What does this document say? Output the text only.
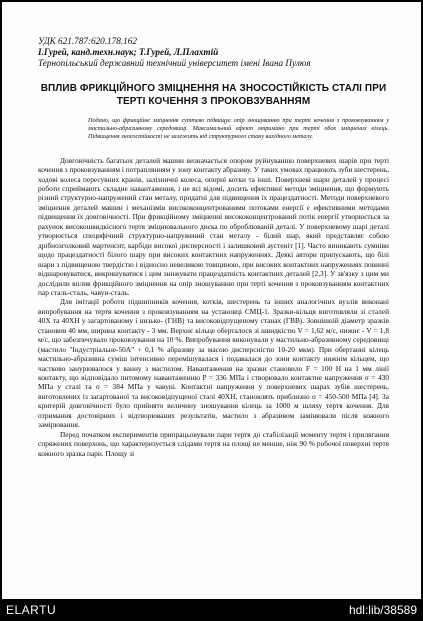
УДК 621.787:620.178.162
І.Гурей, канд.техн.наук; Т.Гурей, Л.Плахтій
Тернопільський державний технічний університет імені Івана Пулюя
ВПЛИВ ФРИКЦІЙНОГО ЗМІЦНЕННЯ НА ЗНОСОСТІЙКІСТЬ СТАЛІ ПРИ ТЕРТІ КОЧЕННЯ З ПРОКОВЗУВАННЯМ
Подано, що фрикційне зміцнення суттєво підвищує опір зношуванню при терті кочення з проковзуванням у мастильно-абразивному середовищі. Максимальний ефект отримано при терті обох зміцнених кілець. Підвищення зносостійкості не залежить від структурного стану вихідного металу.

Довговічність багатьох деталей машин визначається опором руйнуванню поверхневих шарів при терті кочення з проковзуванням і потраплянням у зону контакту абразиву. У таких умовах працюють зуби шестерень, ходові колеса пересувних кранів, залізничні колеса, опорні котки та інші. Поверхневі шари деталей у процесі роботи сприймають складне навантаження, і не всі відомі, досить ефективні методи зміцнення, що формують різний структурно-напружений стан металу, придатні для підвищення їх працездатності. Методи поверхневого зміцнення деталей машин і механізмів висококонцентрованими потоками енергії є ефективними методами підвищення їх довговічності. При фрикційному зміцненні висококонцентрований потік енергії утворюється за рахунок високошвидкісного тертя зміцнювального диска по оброблюваній деталі. У поверхневому шарі деталі утворюється специфічний структурно-напружений стан металу - білий шар, який представляє собою дрібнозголковий мартенсит, карбіди високої дисперсності і залишковий аустеніт [1]. Часто виникають сумніви щодо працездатності білого шару при високих контактних напруженнях. Деякі автори припускають, що білі шари з підвищеною твердістю і відносно невеликою товщиною, при високих контактних напруженнях повинні відшаровуватися, викришуватися і цим знижувати працездатність контактних деталей [2,3]. У зв'язку з цим ми дослідили вплив фрикційного зміцнення на опір зношуванню при терті кочення з проковзуванням контактних пар сталь-сталь, чавун-сталь.

Для імітації роботи підшипників кочення, котків, шестерень та інших аналогічних вузлів виконані випробування на тертя кочення з проковзуванням на установці СМЦ-1. Зразки-кільця виготовляли зі сталей 40Х та 40ХН у загартованому і низько- (ГНВ) та високовідпущеному станах (ГВВ). Зовнішній діаметр зразків становив 40 мм, ширина контакту - 3 мм. Верхнє кільце оберталося зі швидкістю V = 1,62 м/с, нижнє - V = 1,8 м/с, що забезпечувало проковзування на 10 %. Випробування виконували у мастильно-абразивному середовищі (мастило "Індустріальне-50А" + 0,1 % абразиву за масою дисперсністю 10-20 мкм). При обертанні кілець мастильно-абразивна суміш інтенсивно перемішувалася і подавалася до зони контакту нижнім кільцем, що частково занурювалося у ванну з мастилом. Навантаження на зразки становило F = 100 Н на 1 мм лінії контакту, що відповідало питомому навантаженню P = 336 МПа і створювало контактне напруження σ = 430 МПа у сталі та σ = 384 МПа у чавуні. Контактні напруження у поверхневих шарах зубів шестерень, виготовлених із загартованої та високовідпущеної сталі 40ХН, становлять приблизно σ = 450-500 МПа [4]. За критерій довговічності було прийнято величину зношування кілець за 1000 м шляху тертя кочення. Для отримання достовірних і відтворюваних результатів, мастило з абразивом замінювали після кожного замірювання.

Перед початком експериментів припрацьовували пари тертя до стабілізації моменту тертя і прилягання спряжених поверхонь, що характеризується слідами тертя на площі не менше, ніж 90 % робочої поверхні тертя кожного зразка пари. Площу зі

ELARTU	hdl:lib/38589
